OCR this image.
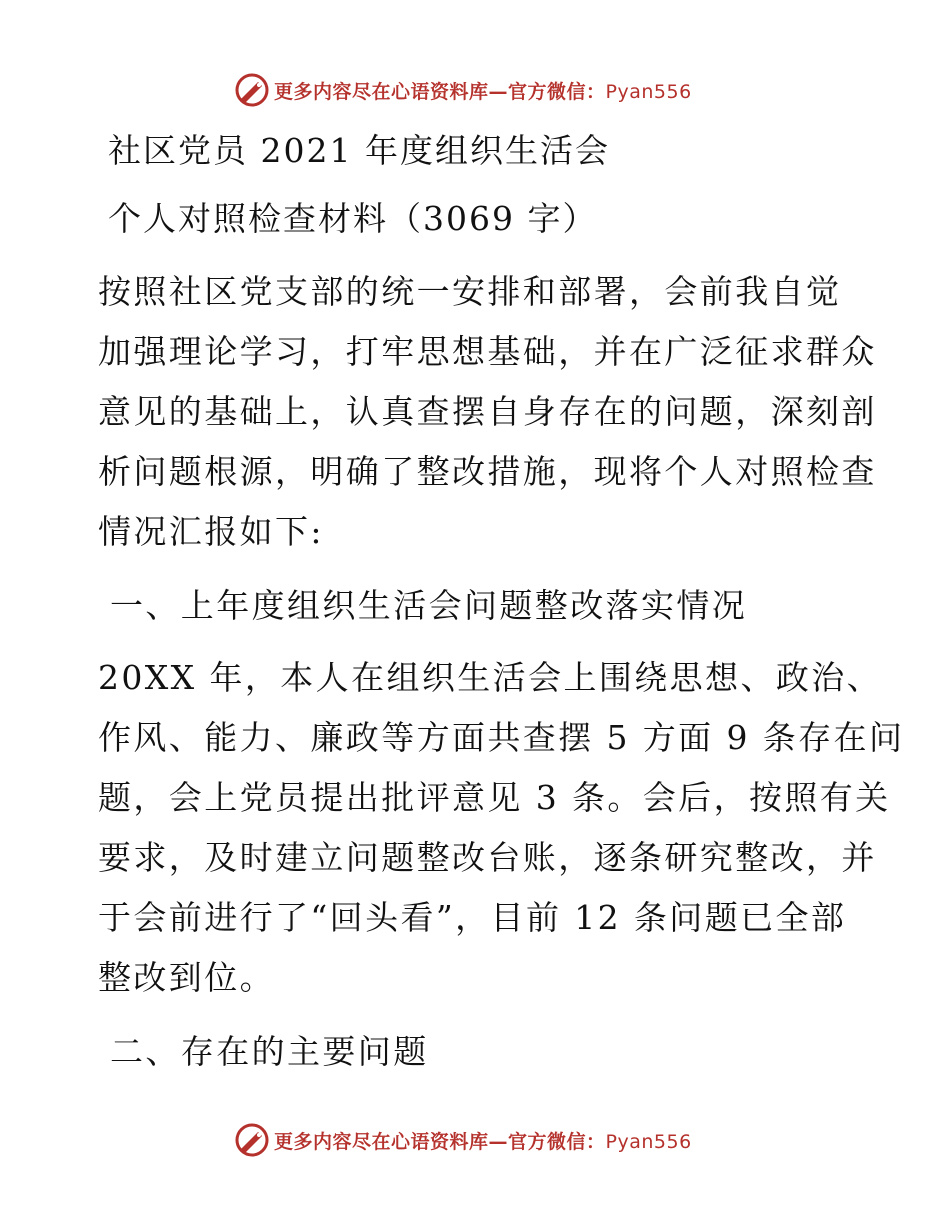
更多内容尽在心语资料库—官方微信：Pyan556
社区党员 2021 年度组织生活会
个人对照检查材料（3069 字）
按照社区党支部的统一安排和部署，会前我自觉
加强理论学习，打牢思想基础，并在广泛征求群众
意见的基础上，认真查摆自身存在的问题，深刻剖
析问题根源，明确了整改措施，现将个人对照检查
情况汇报如下:
一、上年度组织生活会问题整改落实情况
20XX 年，本人在组织生活会上围绕思想、政治、
作风、能力、廉政等方面共查摆 5 方面 9 条存在问
题，会上党员提出批评意见 3 条。会后，按照有关
要求，及时建立问题整改台账，逐条研究整改，并
于会前进行了“回头看”，目前 12 条问题已全部
整改到位。
二、存在的主要问题
更多内容尽在心语资料库—官方微信：Pyan556
